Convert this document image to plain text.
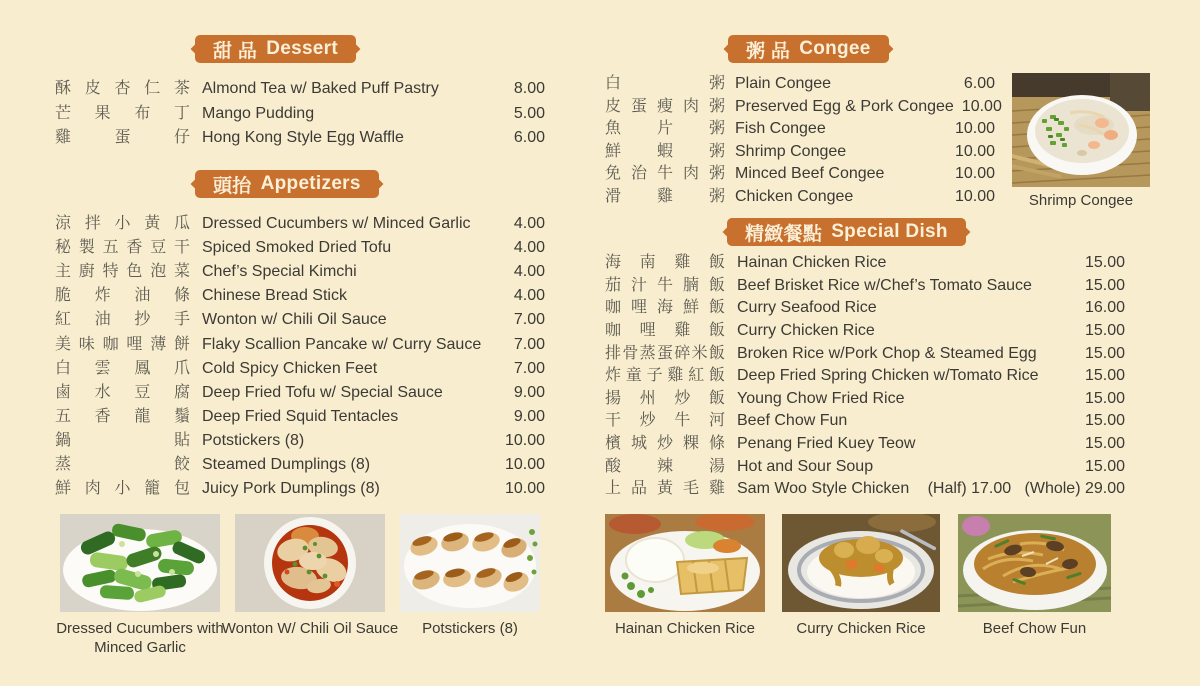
甜 品 Dessert
頭抬 Appetizers
粥 品 Congee
精緻餐點 Special Dish
酥皮杏仁茶 Almond Tea w/ Baked Puff Pastry	8.00
芒果布丁 Mango Pudding	5.00
雞蛋仔 Hong Kong Style Egg Waffle	6.00
涼拌小黃瓜 Dressed Cucumbers w/ Minced Garlic	4.00
秘製五香豆干 Spiced Smoked Dried Tofu	4.00
主廚特色泡菜 Chef’s Special Kimchi	4.00
脆炸油條 Chinese Bread Stick	4.00
紅油抄手 Wonton w/ Chili Oil Sauce	7.00
美味咖哩薄餅 Flaky Scallion Pancake w/ Curry Sauce	7.00
白雲鳳爪 Cold Spicy Chicken Feet	7.00
鹵水豆腐 Deep Fried Tofu w/ Special Sauce	9.00
五香龍鬚 Deep Fried Squid Tentacles	9.00
鍋貼 Potstickers (8)	10.00
蒸餃 Steamed Dumplings (8)	10.00
鮮肉小籠包 Juicy Pork Dumplings (8)	10.00
白粥 Plain Congee	6.00
皮蛋瘦肉粥 Preserved Egg & Pork Congee 10.00
魚片粥 Fish Congee	10.00
鮮蝦粥 Shrimp Congee	10.00
免治牛肉粥 Minced Beef Congee	10.00
滑雞粥 Chicken Congee	10.00
海南雞飯 Hainan Chicken Rice	15.00
茄汁牛腩飯 Beef Brisket Rice w/Chef’s Tomato Sauce	15.00
咖哩海鮮飯 Curry Seafood Rice	16.00
咖哩雞飯 Curry Chicken Rice	15.00
排骨蒸蛋碎米飯 Broken Rice w/Pork Chop & Steamed Egg	15.00
炸童子雞紅飯 Deep Fried Spring Chicken w/Tomato Rice	15.00
揚州炒飯 Young Chow Fried Rice	15.00
干炒牛河 Beef Chow Fun	15.00
檳城炒粿條 Penang Fried Kuey Teow	15.00
酸辣湯 Hot and Sour Soup	15.00
上品黃毛雞 Sam Woo Style Chicken	(Half) 17.00   (Whole) 29.00
Shrimp Congee
Dressed Cucumbers with Minced Garlic
Wonton W/ Chili Oil Sauce	Potstickers (8)	Hainan Chicken Rice	Curry Chicken Rice	Beef Chow Fun
